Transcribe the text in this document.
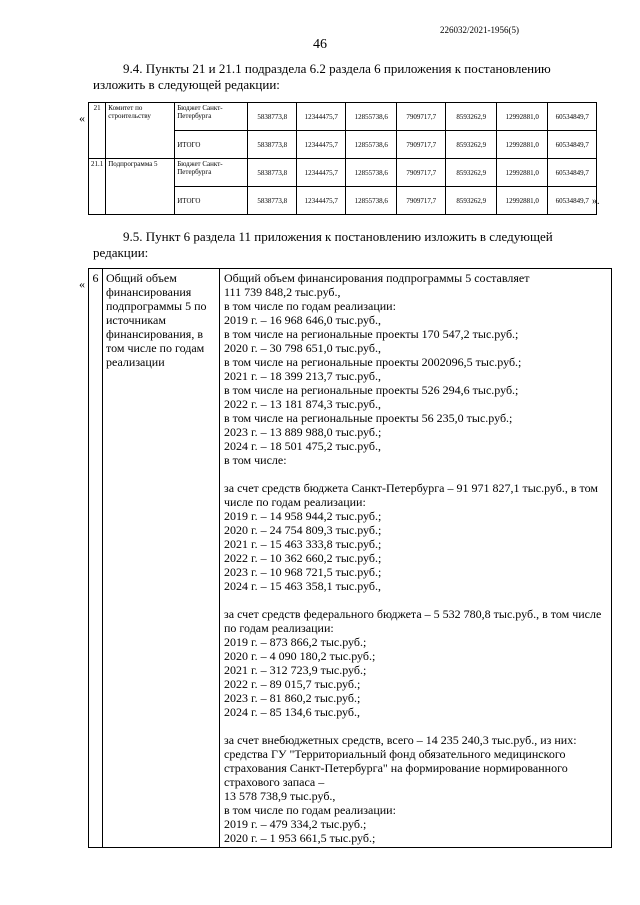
226032/2021-1956(5)
46
9.4. Пункты 21 и 21.1 подраздела 6.2 раздела 6 приложения к постановлению
изложить в следующей редакции:
«
21	Комитет по строительству	Бюджет Санкт-Петербурга	5838773,8	12344475,7	12855738,6	7909717,7	8593262,9	12992881,0	60534849,7
		ИТОГО	5838773,8	12344475,7	12855738,6	7909717,7	8593262,9	12992881,0	60534849,7
21.1	Подпрограмма 5	Бюджет Санкт-Петербурга	5838773,8	12344475,7	12855738,6	7909717,7	8593262,9	12992881,0	60534849,7
		ИТОГО	5838773,8	12344475,7	12855738,6	7909717,7	8593262,9	12992881,0	60534849,7 ».
9.5. Пункт 6 раздела 11 приложения к постановлению изложить в следующей
редакции:
« 6	Общий объем финансирования подпрограммы 5 по источникам финансирования, в том числе по годам реализации	
Общий объем финансирования подпрограммы 5 составляет
111 739 848,2 тыс.руб.,
в том числе по годам реализации:
2019 г. – 16 968 646,0 тыс.руб.,
в том числе на региональные проекты 170 547,2 тыс.руб.;
2020 г. – 30 798 651,0 тыс.руб.,
в том числе на региональные проекты 2002096,5 тыс.руб.;
2021 г. – 18 399 213,7 тыс.руб.,
в том числе на региональные проекты 526 294,6 тыс.руб.;
2022 г. – 13 181 874,3 тыс.руб.,
в том числе на региональные проекты 56 235,0 тыс.руб.;
2023 г. – 13 889 988,0 тыс.руб.;
2024 г. – 18 501 475,2 тыс.руб.,
в том числе:
за счет средств бюджета Санкт-Петербурга – 91 971 827,1 тыс.руб., в том числе по годам реализации:
2019 г. – 14 958 944,2 тыс.руб.;
2020 г. – 24 754 809,3 тыс.руб.;
2021 г. – 15 463 333,8 тыс.руб.;
2022 г. – 10 362 660,2 тыс.руб.;
2023 г. – 10 968 721,5 тыс.руб.;
2024 г. – 15 463 358,1 тыс.руб.,
за счет средств федерального бюджета – 5 532 780,8 тыс.руб., в том числе по годам реализации:
2019 г. – 873 866,2 тыс.руб.;
2020 г. – 4 090 180,2 тыс.руб.;
2021 г. – 312 723,9 тыс.руб.;
2022 г. – 89 015,7 тыс.руб.;
2023 г. – 81 860,2 тыс.руб.;
2024 г. – 85 134,6 тыс.руб.,
за счет внебюджетных средств, всего – 14 235 240,3 тыс.руб., из них:
средства ГУ "Территориальный фонд обязательного медицинского страхования Санкт-Петербурга" на формирование нормированного страхового запаса –
13 578 738,9 тыс.руб.,
в том числе по годам реализации:
2019 г. – 479 334,2 тыс.руб.;
2020 г. – 1 953 661,5 тыс.руб.;
